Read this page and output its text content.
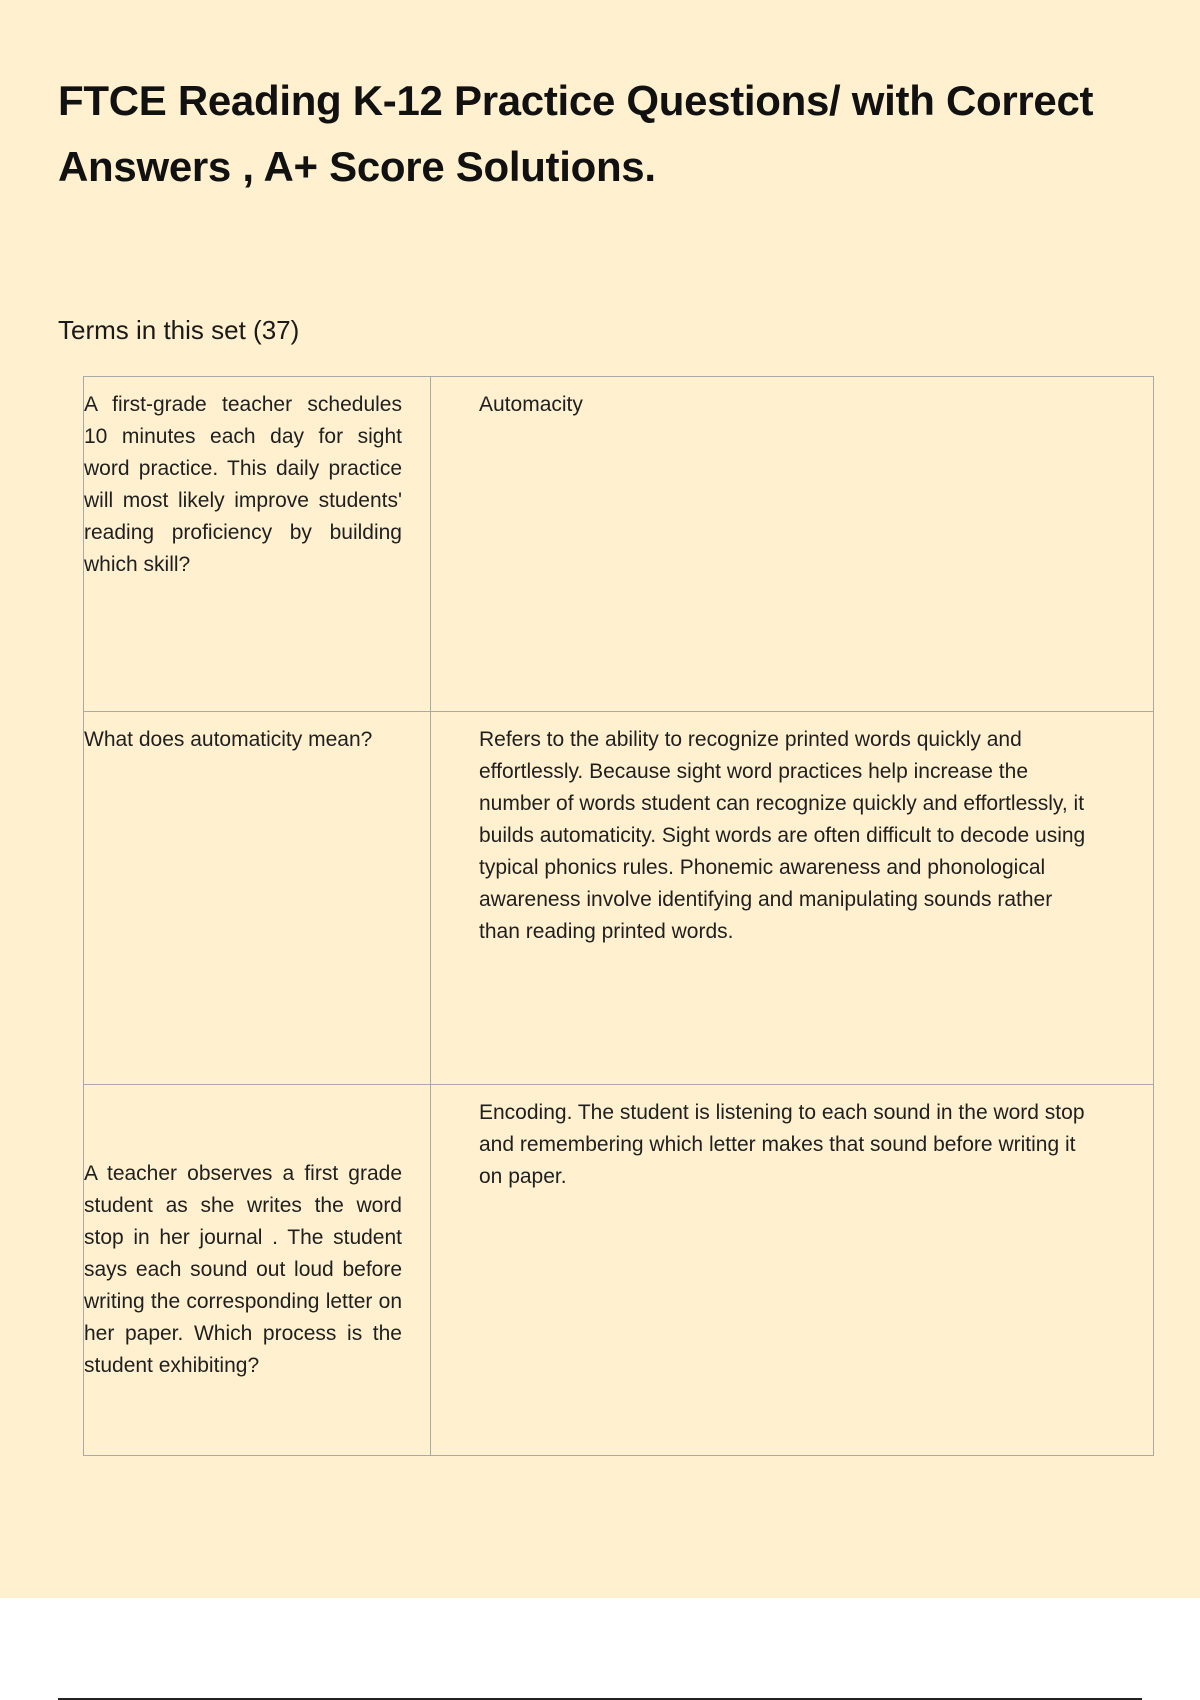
FTCE Reading K-12 Practice Questions/ with Correct Answers , A+ Score Solutions.

Terms in this set (37)

A first-grade teacher schedules 10 minutes each day for sight word practice. This daily practice will most likely improve students' reading proficiency by building which skill?	Automacity
What does automaticity mean?	Refers to the ability to recognize printed words quickly and effortlessly. Because sight word practices help increase the number of words student can recognize quickly and effortlessly, it builds automaticity. Sight words are often difficult to decode using typical phonics rules. Phonemic awareness and phonological awareness involve identifying and manipulating sounds rather than reading printed words.
A teacher observes a first grade student as she writes the word stop in her journal . The student says each sound out loud before writing the corresponding letter on her paper. Which process is the student exhibiting?	Encoding. The student is listening to each sound in the word stop and remembering which letter makes that sound before writing it on paper.
